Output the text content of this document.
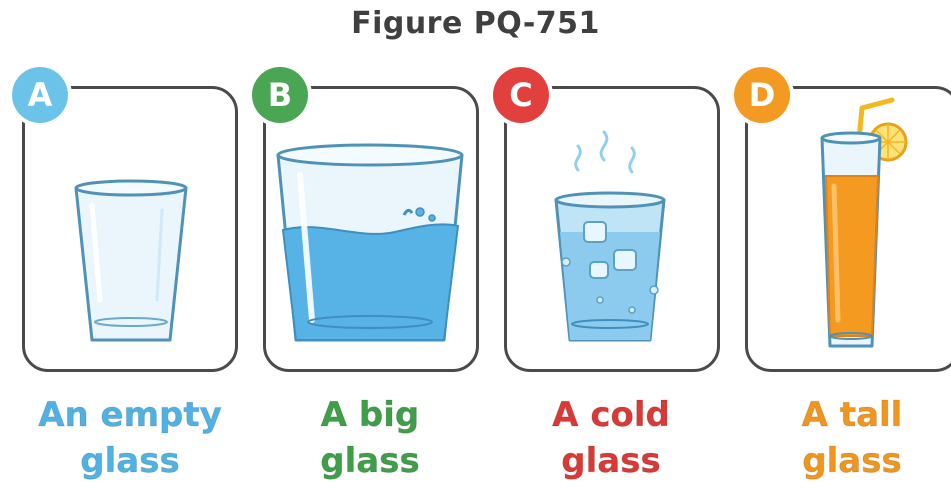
Figure PQ-751
A
An empty
glass
B
A big
glass
C
A cold
glass
D
A tall
glass
